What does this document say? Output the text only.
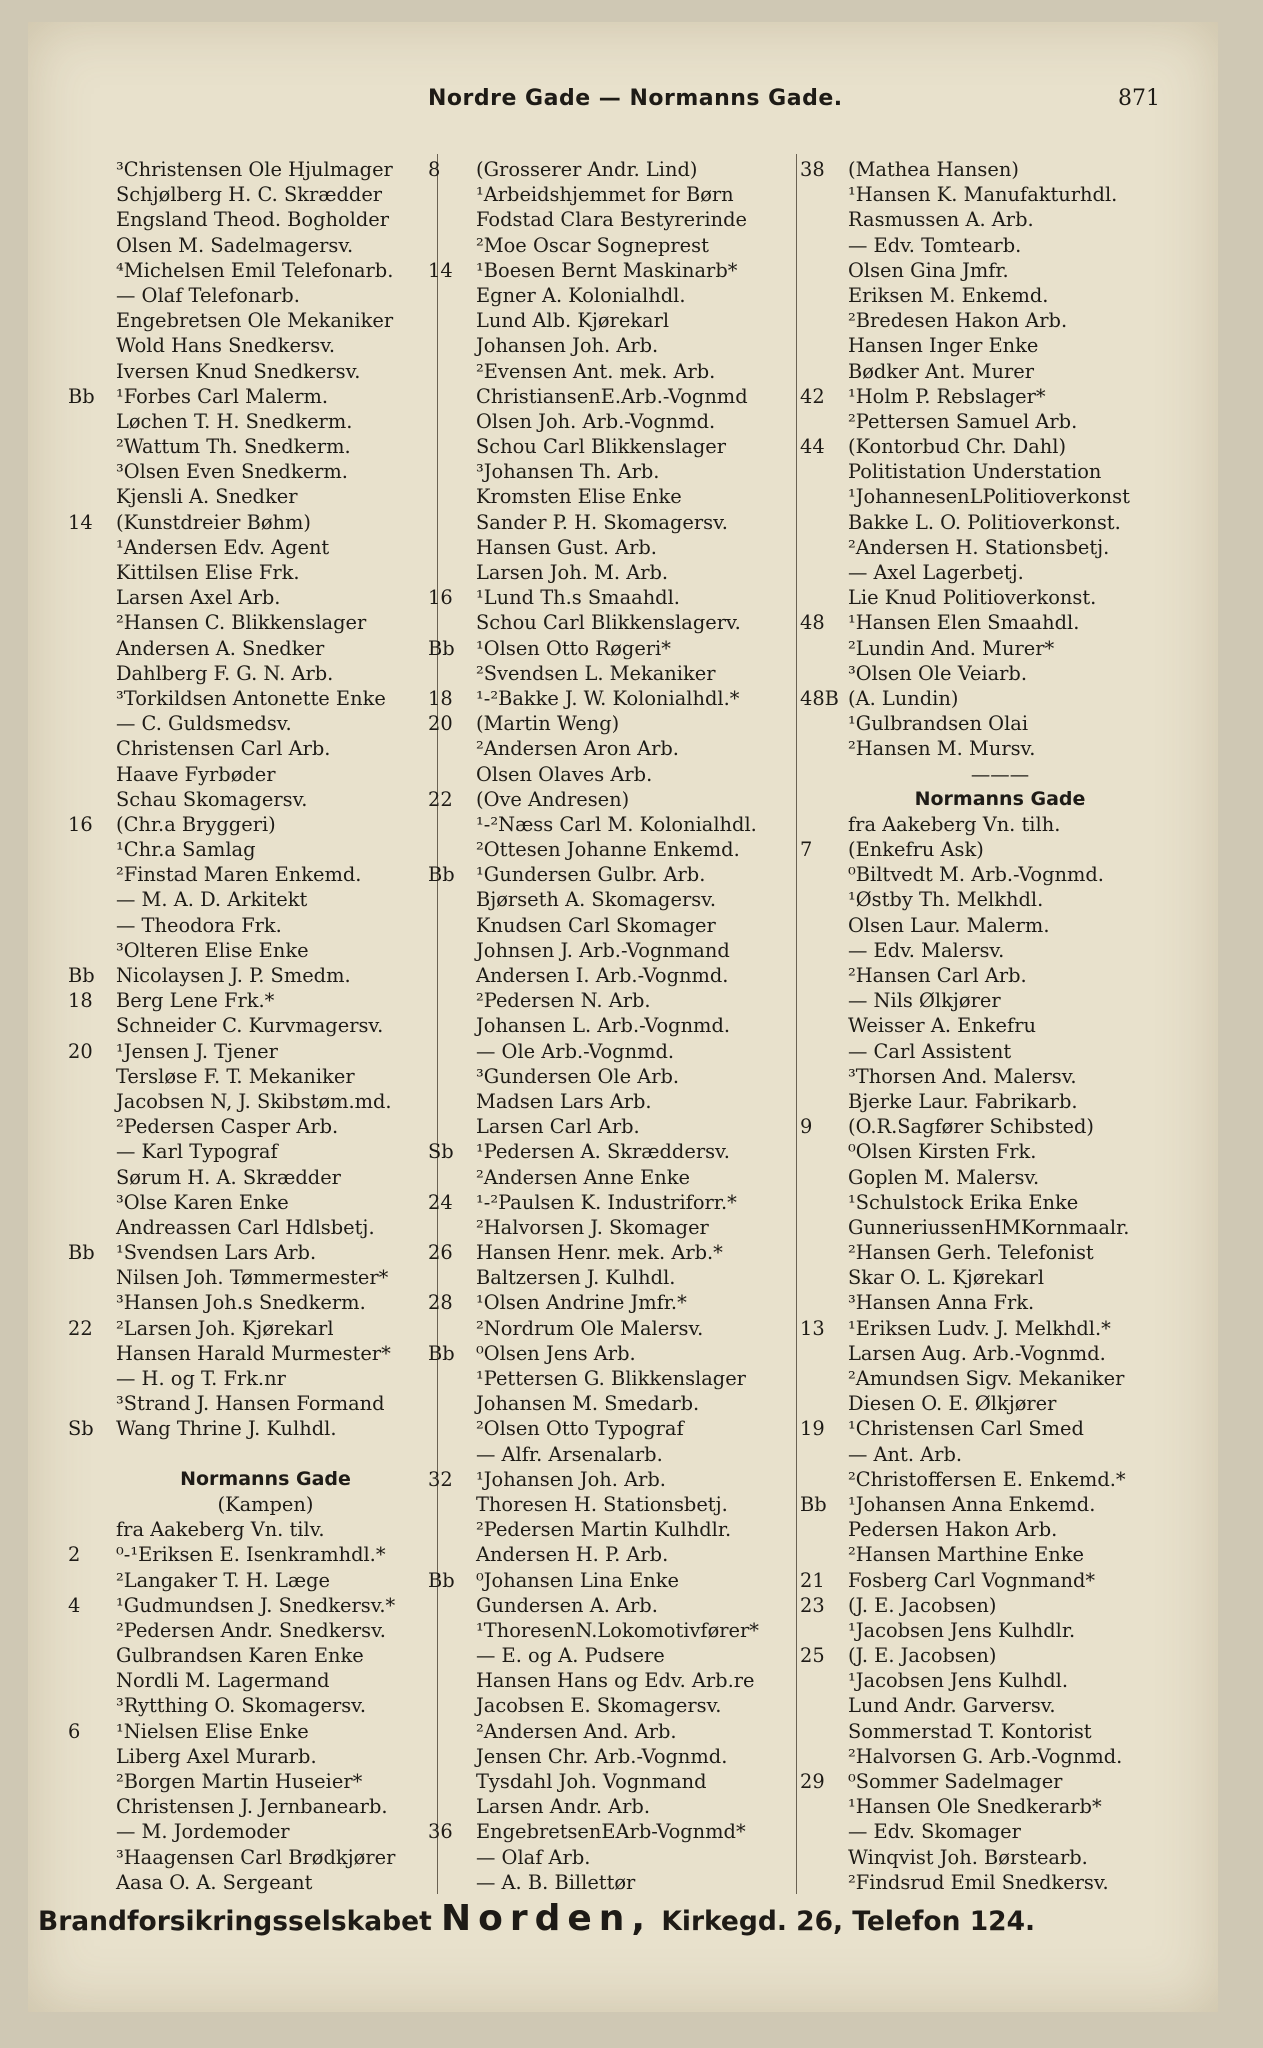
Nordre Gade — Normanns Gade.	871
³Christensen Ole Hjulmager
Schjølberg H. C. Skrædder
Engsland Theod. Bogholder
Olsen M. Sadelmagersv.
⁴Michelsen Emil Telefonarb.
— Olaf Telefonarb.
Engebretsen Ole Mekaniker
Wold Hans Snedkersv.
Iversen Knud Snedkersv.
Bb	¹Forbes Carl Malerm.
Løchen T. H. Snedkerm.
²Wattum Th. Snedkerm.
³Olsen Even Snedkerm.
Kjensli A. Snedker
14	(Kunstdreier Bøhm)
¹Andersen Edv. Agent
Kittilsen Elise Frk.
Larsen Axel Arb.
²Hansen C. Blikkenslager
Andersen A. Snedker
Dahlberg F. G. N. Arb.
³Torkildsen Antonette Enke
— C. Guldsmedsv.
Christensen Carl Arb.
Haave Fyrbøder
Schau Skomagersv.
16	(Chr.a Bryggeri)
¹Chr.a Samlag
²Finstad Maren Enkemd.
— M. A. D. Arkitekt
— Theodora Frk.
³Olteren Elise Enke
Bb	Nicolaysen J. P. Smedm.
18	Berg Lene Frk.*
Schneider C. Kurvmagersv.
20	¹Jensen J. Tjener
Tersløse F. T. Mekaniker
Jacobsen N, J. Skibstøm.md.
²Pedersen Casper Arb.
— Karl Typograf
Sørum H. A. Skrædder
³Olse Karen Enke
Andreassen Carl Hdlsbetj.
Bb	¹Svendsen Lars Arb.
Nilsen Joh. Tømmermester*
³Hansen Joh.s Snedkerm.
22	²Larsen Joh. Kjørekarl
Hansen Harald Murmester*
— H. og T. Frk.nr
³Strand J. Hansen Formand
Sb	Wang Thrine J. Kulhdl.
Normanns Gade
(Kampen)
fra Aakeberg Vn. tilv.
2	⁰-¹Eriksen E. Isenkramhdl.*
²Langaker T. H. Læge
4	¹Gudmundsen J. Snedkersv.*
²Pedersen Andr. Snedkersv.
Gulbrandsen Karen Enke
Nordli M. Lagermand
³Rytthing O. Skomagersv.
6	¹Nielsen Elise Enke
Liberg Axel Murarb.
²Borgen Martin Huseier*
Christensen J. Jernbanearb.
— M. Jordemoder
³Haagensen Carl Brødkjører
Aasa O. A. Sergeant
8	(Grosserer Andr. Lind)
¹Arbeidshjemmet for Børn
Fodstad Clara Bestyrerinde
²Moe Oscar Sogneprest
14	¹Boesen Bernt Maskinarb*
Egner A. Kolonialhdl.
Lund Alb. Kjørekarl
Johansen Joh. Arb.
²Evensen Ant. mek. Arb.
ChristiansenE.Arb.-Vognmd
Olsen Joh. Arb.-Vognmd.
Schou Carl Blikkenslager
³Johansen Th. Arb.
Kromsten Elise Enke
Sander P. H. Skomagersv.
Hansen Gust. Arb.
Larsen Joh. M. Arb.
16	¹Lund Th.s Smaahdl.
Schou Carl Blikkenslagerv.
Bb	¹Olsen Otto Røgeri*
²Svendsen L. Mekaniker
18	¹-²Bakke J. W. Kolonialhdl.*
20	(Martin Weng)
²Andersen Aron Arb.
Olsen Olaves Arb.
22	(Ove Andresen)
¹-²Næss Carl M. Kolonialhdl.
²Ottesen Johanne Enkemd.
Bb	¹Gundersen Gulbr. Arb.
Bjørseth A. Skomagersv.
Knudsen Carl Skomager
Johnsen J. Arb.-Vognmand
Andersen I. Arb.-Vognmd.
²Pedersen N. Arb.
Johansen L. Arb.-Vognmd.
— Ole Arb.-Vognmd.
³Gundersen Ole Arb.
Madsen Lars Arb.
Larsen Carl Arb.
Sb	¹Pedersen A. Skræddersv.
²Andersen Anne Enke
24	¹-²Paulsen K. Industriforr.*
²Halvorsen J. Skomager
26	Hansen Henr. mek. Arb.*
Baltzersen J. Kulhdl.
28	¹Olsen Andrine Jmfr.*
²Nordrum Ole Malersv.
Bb	⁰Olsen Jens Arb.
¹Pettersen G. Blikkenslager
Johansen M. Smedarb.
²Olsen Otto Typograf
— Alfr. Arsenalarb.
32	¹Johansen Joh. Arb.
Thoresen H. Stationsbetj.
²Pedersen Martin Kulhdlr.
Andersen H. P. Arb.
Bb	⁰Johansen Lina Enke
Gundersen A. Arb.
¹ThoresenN.Lokomotivfører*
— E. og A. Pudsere
Hansen Hans og Edv. Arb.re
Jacobsen E. Skomagersv.
²Andersen And. Arb.
Jensen Chr. Arb.-Vognmd.
Tysdahl Joh. Vognmand
Larsen Andr. Arb.
36	EngebretsenEArb-Vognmd*
— Olaf Arb.
— A. B. Billettør
38	(Mathea Hansen)
¹Hansen K. Manufakturhdl.
Rasmussen A. Arb.
— Edv. Tomtearb.
Olsen Gina Jmfr.
Eriksen M. Enkemd.
²Bredesen Hakon Arb.
Hansen Inger Enke
Bødker Ant. Murer
42	¹Holm P. Rebslager*
²Pettersen Samuel Arb.
44	(Kontorbud Chr. Dahl)
Politistation Understation
¹JohannesenLPolitioverkonst
Bakke L. O. Politioverkonst.
²Andersen H. Stationsbetj.
— Axel Lagerbetj.
Lie Knud Politioverkonst.
48	¹Hansen Elen Smaahdl.
²Lundin And. Murer*
³Olsen Ole Veiarb.
48B (A. Lundin)
¹Gulbrandsen Olai
²Hansen M. Mursv.
———
Normanns Gade
fra Aakeberg Vn. tilh.
7	(Enkefru Ask)
⁰Biltvedt M. Arb.-Vognmd.
¹Østby Th. Melkhdl.
Olsen Laur. Malerm.
— Edv. Malersv.
²Hansen Carl Arb.
— Nils Ølkjører
Weisser A. Enkefru
— Carl Assistent
³Thorsen And. Malersv.
Bjerke Laur. Fabrikarb.
9	(O.R.Sagfører Schibsted)
⁰Olsen Kirsten Frk.
Goplen M. Malersv.
¹Schulstock Erika Enke
GunneriussenHMKornmaalr.
²Hansen Gerh. Telefonist
Skar O. L. Kjørekarl
³Hansen Anna Frk.
13	¹Eriksen Ludv. J. Melkhdl.*
Larsen Aug. Arb.-Vognmd.
²Amundsen Sigv. Mekaniker
Diesen O. E. Ølkjører
19	¹Christensen Carl Smed
— Ant. Arb.
²Christoffersen E. Enkemd.*
Bb	¹Johansen Anna Enkemd.
Pedersen Hakon Arb.
²Hansen Marthine Enke
21	Fosberg Carl Vognmand*
23	(J. E. Jacobsen)
¹Jacobsen Jens Kulhdlr.
25	(J. E. Jacobsen)
¹Jacobsen Jens Kulhdl.
Lund Andr. Garversv.
Sommerstad T. Kontorist
²Halvorsen G. Arb.-Vognmd.
29	⁰Sommer Sadelmager
¹Hansen Ole Snedkerarb*
— Edv. Skomager
Winqvist Joh. Børstearb.
²Findsrud Emil Snedkersv.
Brandforsikringsselskabet Norden, Kirkegd. 26, Telefon 124.
